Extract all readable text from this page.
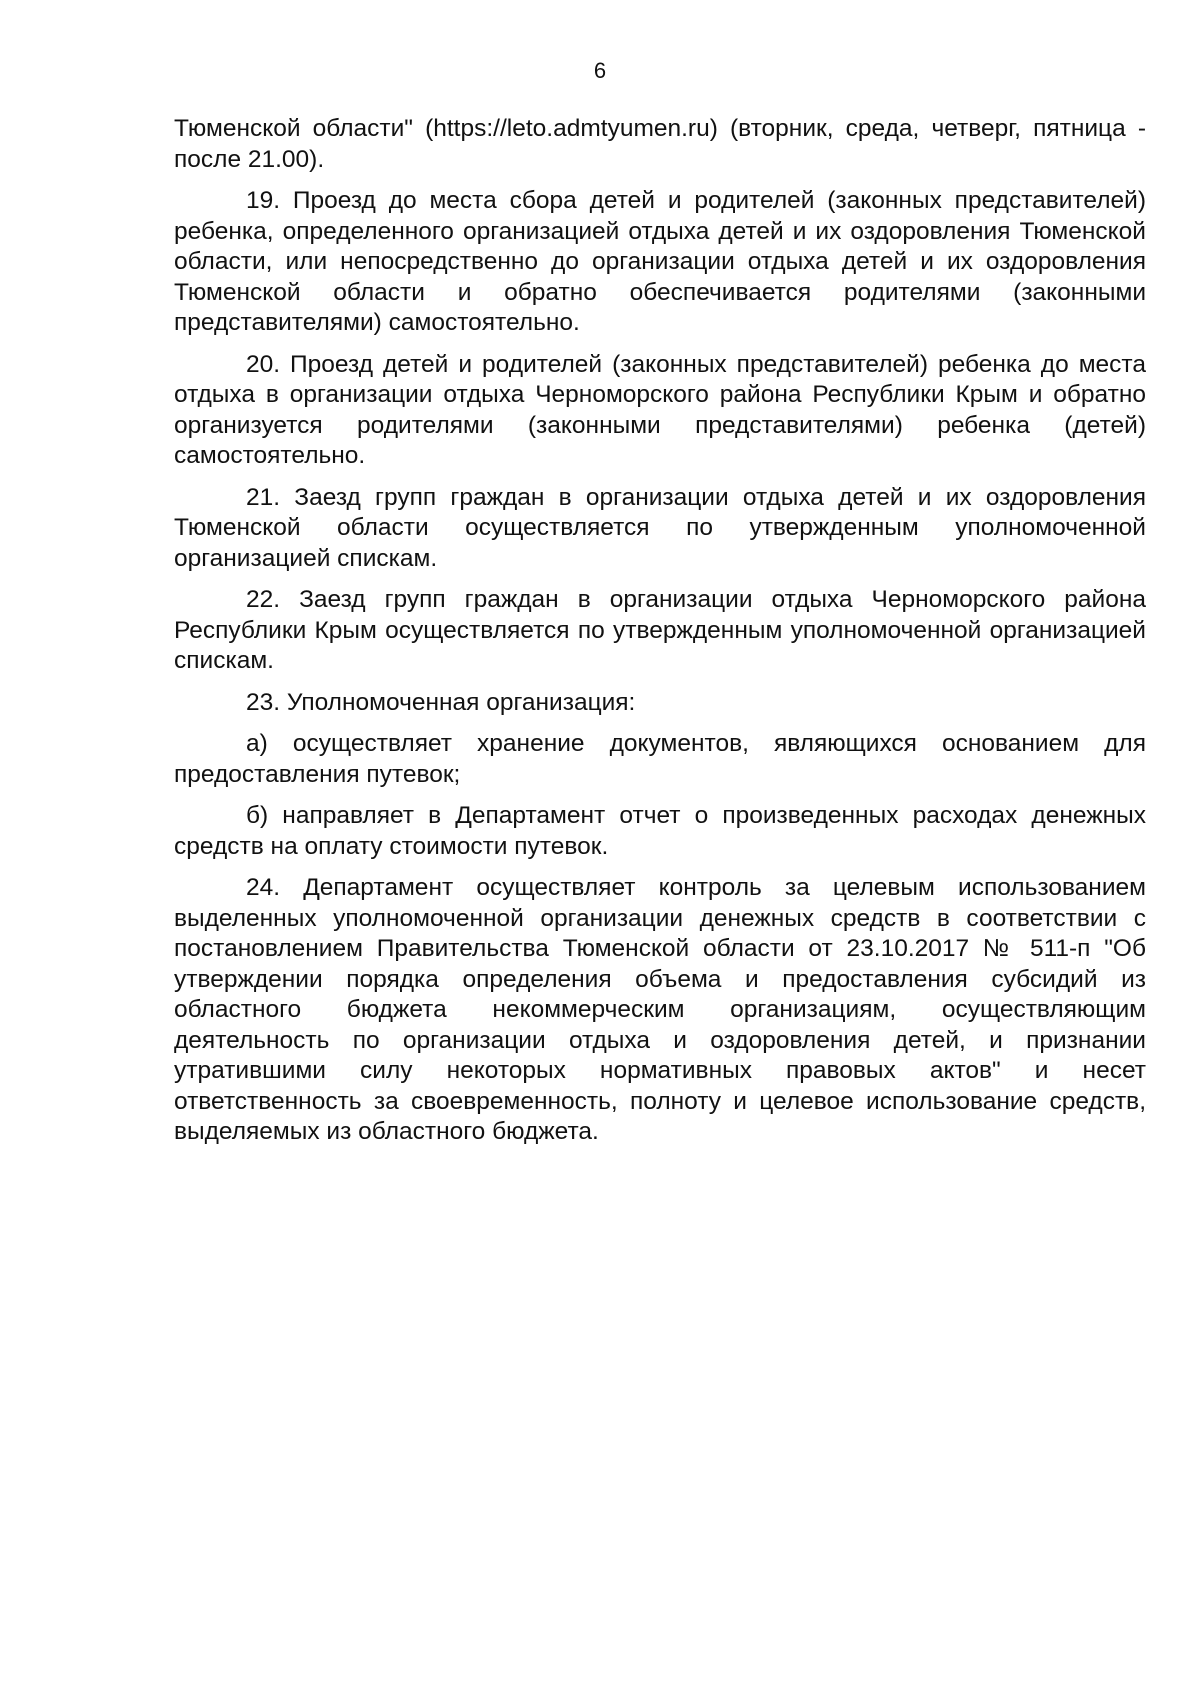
6

Тюменской области" (https://leto.admtyumen.ru) (вторник, среда, четверг, пятница - после 21.00).

19. Проезд до места сбора детей и родителей (законных представителей) ребенка, определенного организацией отдыха детей и их оздоровления Тюменской области, или непосредственно до организации отдыха детей и их оздоровления Тюменской области и обратно обеспечивается родителями (законными представителями) самостоятельно.

20. Проезд детей и родителей (законных представителей) ребенка до места отдыха в организации отдыха Черноморского района Республики Крым и обратно организуется родителями (законными представителями) ребенка (детей) самостоятельно.

21. Заезд групп граждан в организации отдыха детей и их оздоровления Тюменской области осуществляется по утвержденным уполномоченной организацией спискам.

22. Заезд групп граждан в организации отдыха Черноморского района Республики Крым осуществляется по утвержденным уполномоченной организацией спискам.

23. Уполномоченная организация:

а) осуществляет хранение документов, являющихся основанием для предоставления путевок;

б) направляет в Департамент отчет о произведенных расходах денежных средств на оплату стоимости путевок.

24. Департамент осуществляет контроль за целевым использованием выделенных уполномоченной организации денежных средств в соответствии с постановлением Правительства Тюменской области от 23.10.2017 № 511-п "Об утверждении порядка определения объема и предоставления субсидий из областного бюджета некоммерческим организациям, осуществляющим деятельность по организации отдыха и оздоровления детей, и признании утратившими силу некоторых нормативных правовых актов" и несет ответственность за своевременность, полноту и целевое использование средств, выделяемых из областного бюджета.
